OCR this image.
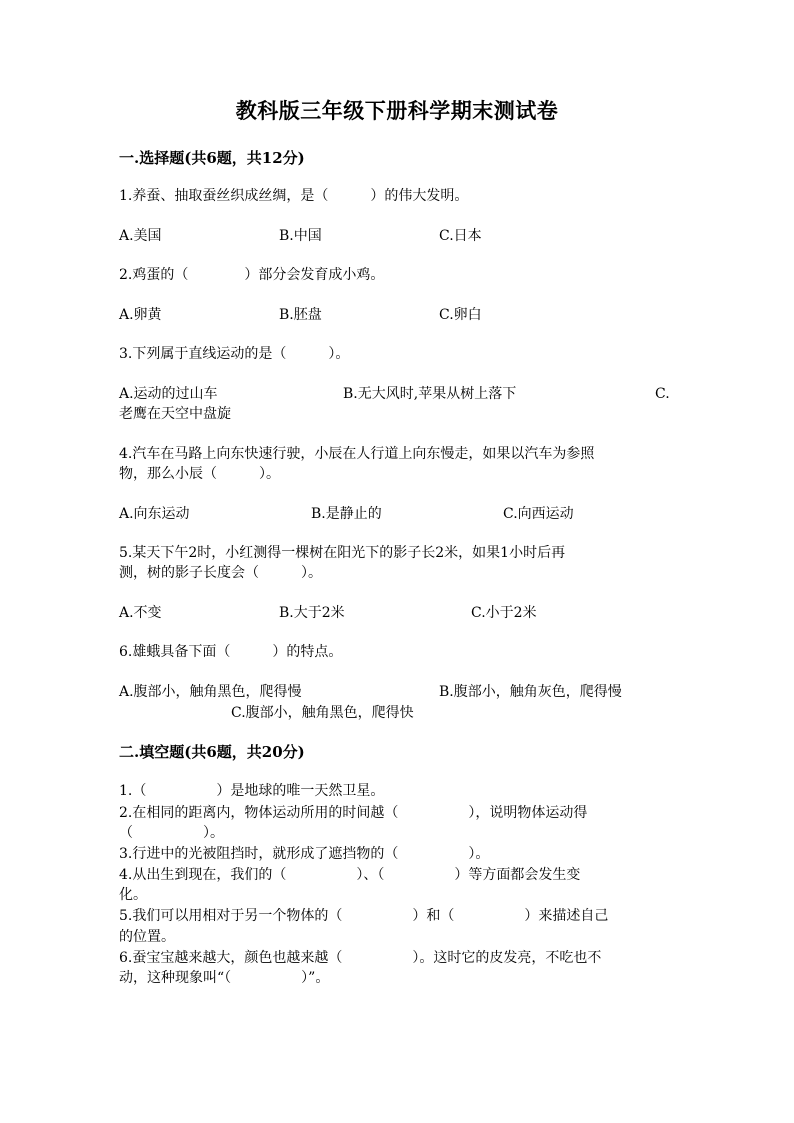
教科版三年级下册科学期末测试卷
一.选择题(共6题，共12分)
1.养蚕、抽取蚕丝织成丝绸，是（　　　）的伟大发明。
A.美国	B.中国	C.日本
2.鸡蛋的（　　　　）部分会发育成小鸡。
A.卵黄	B.胚盘	C.卵白
3.下列属于直线运动的是（　　　）。
A.运动的过山车	B.无大风时,苹果从树上落下	C.
老鹰在天空中盘旋
4.汽车在马路上向东快速行驶，小辰在人行道上向东慢走，如果以汽车为参照
物，那么小辰（　　　）。
A.向东运动	B.是静止的	C.向西运动
5.某天下午2时，小红测得一棵树在阳光下的影子长2米，如果1小时后再
测，树的影子长度会（　　　）。
A.不变	B.大于2米	C.小于2米
6.雄蛾具备下面（　　　）的特点。
A.腹部小，触角黑色，爬得慢	B.腹部小，触角灰色，爬得慢
C.腹部小，触角黑色，爬得快
二.填空题(共6题，共20分)
1.（　　　　　）是地球的唯一天然卫星。
2.在相同的距离内，物体运动所用的时间越（　　　　　），说明物体运动得
（　　　　　）。
3.行进中的光被阻挡时，就形成了遮挡物的（　　　　　）。
4.从出生到现在，我们的（　　　　　）、（　　　　　）等方面都会发生变
化。
5.我们可以用相对于另一个物体的（　　　　　）和（　　　　　）来描述自己
的位置。
6.蚕宝宝越来越大，颜色也越来越（　　　　　）。这时它的皮发亮，不吃也不
动，这种现象叫“（　　　　　）”。
